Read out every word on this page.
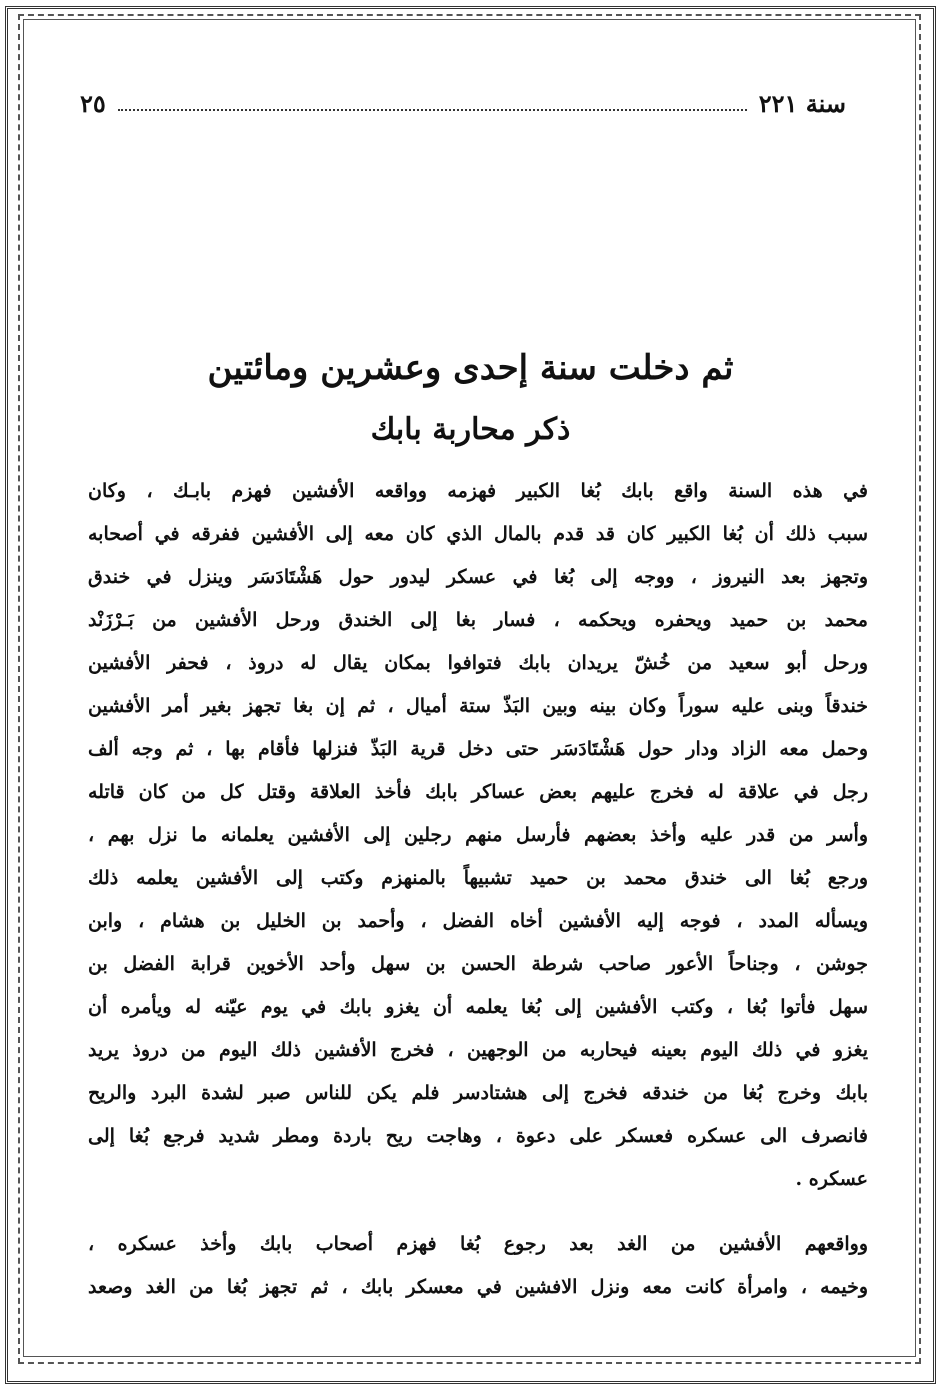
سنة ٢٢١
٢٥
ثم دخلت سنة إحدى وعشرين ومائتين
ذكر محاربة بابك
في هذه السنة واقع بابك بُغا الكبير فهزمه وواقعه الأفشين فهزم بابـك ، وكان
سبب ذلك أن بُغا الكبير كان قد قدم بالمال الذي كان معه إلى الأفشين ففرقه في أصحابه
وتجهز بعد النيروز ، ووجه إلى بُغا في عسكر ليدور حول هَشْتَادَسَر وينزل في خندق
محمد بن حميد ويحفره ويحكمه ، فسار بغا إلى الخندق ورحل الأفشين من بَـرْزَنْد
ورحل أبو سعيد من خُشّ يريدان بابك فتوافوا بمكان يقال له دروذ ، فحفر الأفشين
خندقاً وبنى عليه سوراً وكان بينه وبين البَذّ ستة أميال ، ثم إن بغا تجهز بغير أمر الأفشين
وحمل معه الزاد ودار حول هَشْتَادَسَر حتى دخل قرية البَذّ فنزلها فأقام بها ، ثم وجه ألف
رجل في علاقة له فخرج عليهم بعض عساكر بابك فأخذ العلاقة وقتل كل من كان قاتله
وأسر من قدر عليه وأخذ بعضهم فأرسل منهم رجلين إلى الأفشين يعلمانه ما نزل بهم ،
ورجع بُغا الى خندق محمد بن حميد تشبيهاً بالمنهزم وكتب إلى الأفشين يعلمه ذلك
ويسأله المدد ، فوجه إليه الأفشين أخاه الفضل ، وأحمد بن الخليل بن هشام ، وابن
جوشن ، وجناحاً الأعور صاحب شرطة الحسن بن سهل وأحد الأخوين قرابة الفضل بن
سهل فأتوا بُغا ، وكتب الأفشين إلى بُغا يعلمه أن يغزو بابك في يوم عيّنه له ويأمره أن
يغزو في ذلك اليوم بعينه فيحاربه من الوجهين ، فخرج الأفشين ذلك اليوم من دروذ يريد
بابك وخرج بُغا من خندقه فخرج إلى هشتادسر فلم يكن للناس صبر لشدة البرد والريح
فانصرف الى عسكره فعسكر على دعوة ، وهاجت ريح باردة ومطر شديد فرجع بُغا إلى
عسكره .
وواقعهم الأفشين من الغد بعد رجوع بُغا فهزم أصحاب بابك وأخذ عسكره ،
وخيمه ، وامرأة كانت معه ونزل الافشين في معسكر بابك ، ثم تجهز بُغا من الغد وصعد
